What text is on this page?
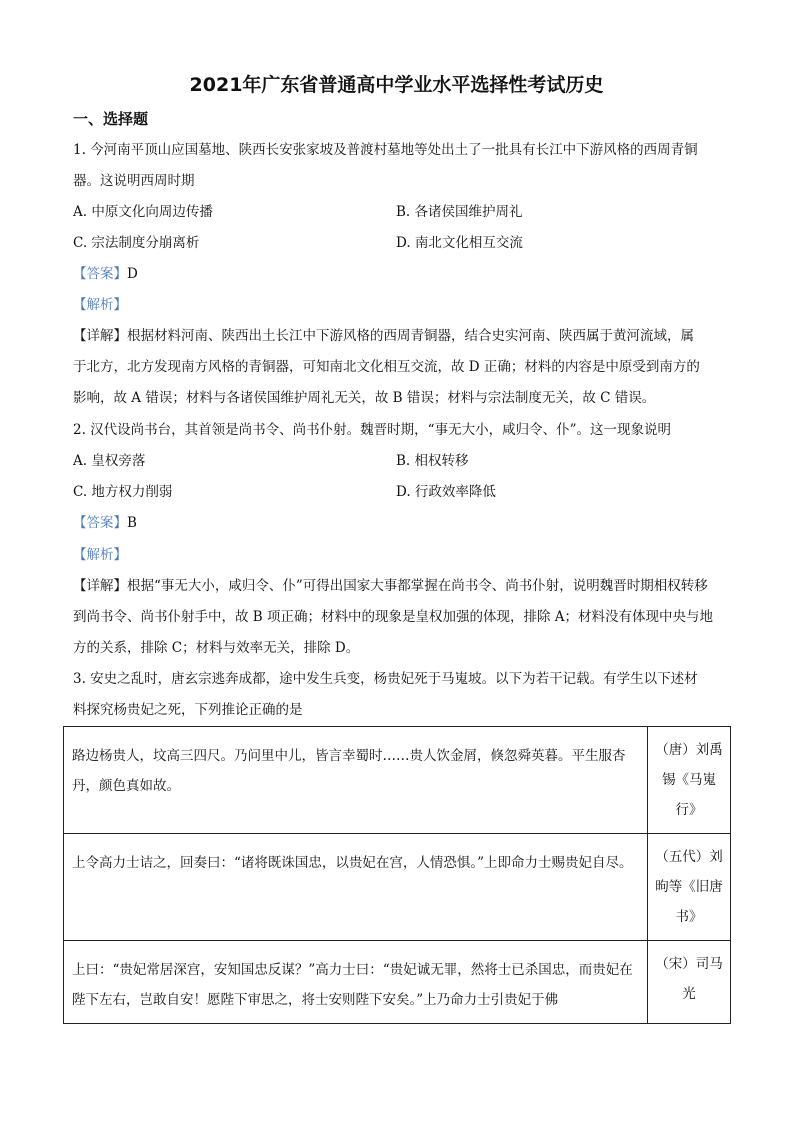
2021年广东省普通高中学业水平选择性考试历史
一、选择题
1. 今河南平顶山应国墓地、陕西长安张家坡及普渡村墓地等处出土了一批具有长江中下游风格的西周青铜
器。这说明西周时期
A. 中原文化向周边传播	B. 各诸侯国维护周礼
C. 宗法制度分崩离析	D. 南北文化相互交流
【答案】D
【解析】
【详解】根据材料河南、陕西出土长江中下游风格的西周青铜器，结合史实河南、陕西属于黄河流域，属
于北方，北方发现南方风格的青铜器，可知南北文化相互交流，故 D 正确；材料的内容是中原受到南方的
影响，故 A 错误；材料与各诸侯国维护周礼无关，故 B 错误；材料与宗法制度无关，故 C 错误。
2. 汉代设尚书台，其首领是尚书令、尚书仆射。魏晋时期，“事无大小，咸归令、仆”。这一现象说明
A. 皇权旁落	B. 相权转移
C. 地方权力削弱	D. 行政效率降低
【答案】B
【解析】
【详解】根据“事无大小，咸归令、仆”可得出国家大事都掌握在尚书令、尚书仆射，说明魏晋时期相权转移
到尚书令、尚书仆射手中，故 B 项正确；材料中的现象是皇权加强的体现，排除 A；材料没有体现中央与地
方的关系，排除 C；材料与效率无关，排除 D。
3. 安史之乱时，唐玄宗逃奔成都，途中发生兵变，杨贵妃死于马嵬坡。以下为若干记载。有学生以下述材
料探究杨贵妃之死，下列推论正确的是
路边杨贵人，坟高三四尺。乃问里中儿，皆言幸蜀时……贵人饮金屑，倏忽舜英暮。平生服杏丹，颜色真如故。	（唐）刘禹锡《马嵬行》
上令高力士诘之，回奏曰：“诸将既诛国忠，以贵妃在宫，人情恐惧。”上即命力士赐贵妃自尽。	（五代）刘昫等《旧唐书》
上曰：“贵妃常居深宫，安知国忠反谋？”高力士曰：“贵妃诚无罪，然将士已杀国忠，而贵妃在陛下左右，岂敢自安！愿陛下审思之，将士安则陛下安矣。”上乃命力士引贵妃于佛	（宋）司马光
